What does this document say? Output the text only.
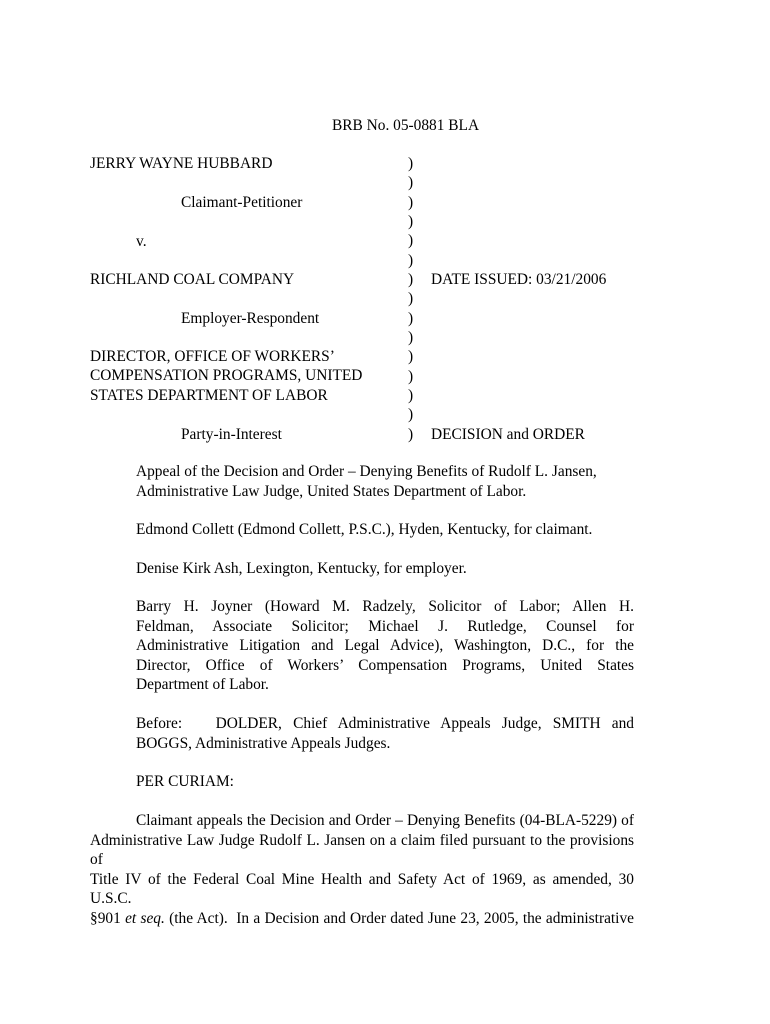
BRB No. 05-0881 BLA
JERRY WAYNE HUBBARD
Claimant-Petitioner
v.
RICHLAND COAL COMPANY
Employer-Respondent
DIRECTOR, OFFICE OF WORKERS’
COMPENSATION PROGRAMS, UNITED
STATES DEPARTMENT OF LABOR
Party-in-Interest
)
)
)
)
)
)
)
)
)
)
)
)
)
)
)
DATE ISSUED: 03/21/2006
DECISION and ORDER
Appeal of the Decision and Order – Denying Benefits of Rudolf L. Jansen,
Administrative Law Judge, United States Department of Labor.
Edmond Collett (Edmond Collett, P.S.C.), Hyden, Kentucky, for claimant.
Denise Kirk Ash, Lexington, Kentucky, for employer.
Barry H. Joyner (Howard M. Radzely, Solicitor of Labor; Allen H.
Feldman, Associate Solicitor; Michael J. Rutledge, Counsel for
Administrative Litigation and Legal Advice), Washington, D.C., for the
Director, Office of Workers’ Compensation Programs, United States
Department of Labor.
Before:   DOLDER, Chief Administrative Appeals Judge, SMITH and
BOGGS, Administrative Appeals Judges.
PER CURIAM:
Claimant appeals the Decision and Order – Denying Benefits (04-BLA-5229) of
Administrative Law Judge Rudolf L. Jansen on a claim filed pursuant to the provisions of
Title IV of the Federal Coal Mine Health and Safety Act of 1969, as amended, 30 U.S.C.
§901 et seq. (the Act).  In a Decision and Order dated June 23, 2005, the administrative
